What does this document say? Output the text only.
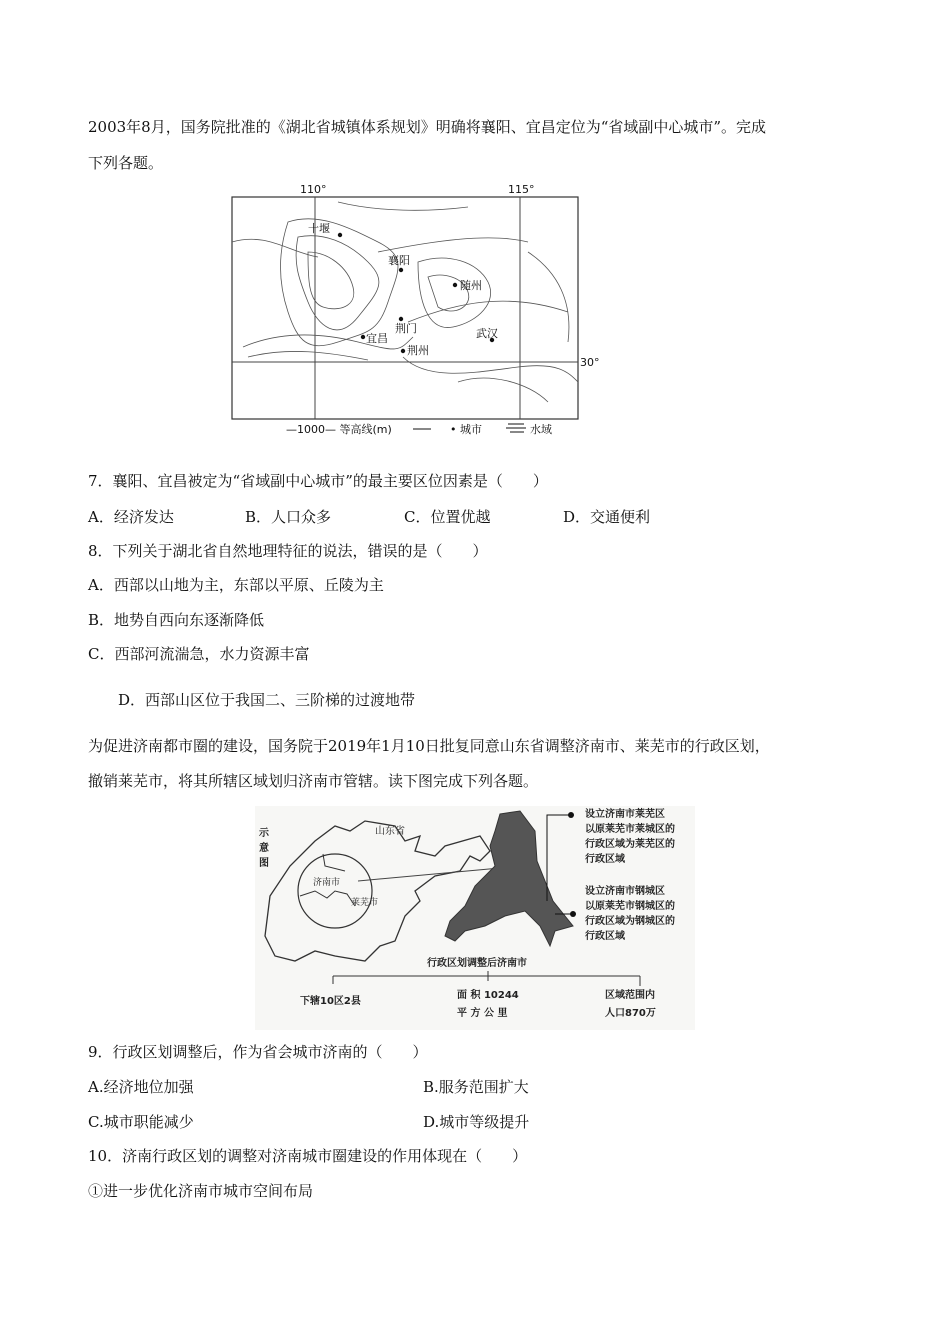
2003年8月，国务院批准的《湖北省城镇体系规划》明确将襄阳、宜昌定位为“省域副中心城市”。完成
下列各题。
110°	115°
30°
十堰
襄阳
随州
荆门
宜昌
荆州
武汉
—1000— 等高线(m)	• 城市	水域
7．襄阳、宜昌被定为“省域副中心城市”的最主要区位因素是（　　）
A．经济发达	B．人口众多	C．位置优越	D．交通便利
8．下列关于湖北省自然地理特征的说法，错误的是（　　）
A．西部以山地为主，东部以平原、丘陵为主
B．地势自西向东逐渐降低
C．西部河流湍急，水力资源丰富
D．西部山区位于我国二、三阶梯的过渡地带
为促进济南都市圈的建设，国务院于2019年1月10日批复同意山东省调整济南市、莱芜市的行政区划，
撤销莱芜市，将其所辖区域划归济南市管辖。读下图完成下列各题。
示意图
山东省
济南市
莱芜市
设立济南市莱芜区
以原莱芜市莱城区的
行政区域为莱芜区的
行政区域
设立济南市钢城区
以原莱芜市钢城区的
行政区域为钢城区的
行政区域
行政区划调整后济南市
下辖10区2县
面 积 10244
平 方 公 里
区域范围内
人口870万
9．行政区划调整后，作为省会城市济南的（　　）
A.经济地位加强	B.服务范围扩大
C.城市职能减少	D.城市等级提升
10．济南行政区划的调整对济南城市圈建设的作用体现在（　　）
①进一步优化济南市城市空间布局
